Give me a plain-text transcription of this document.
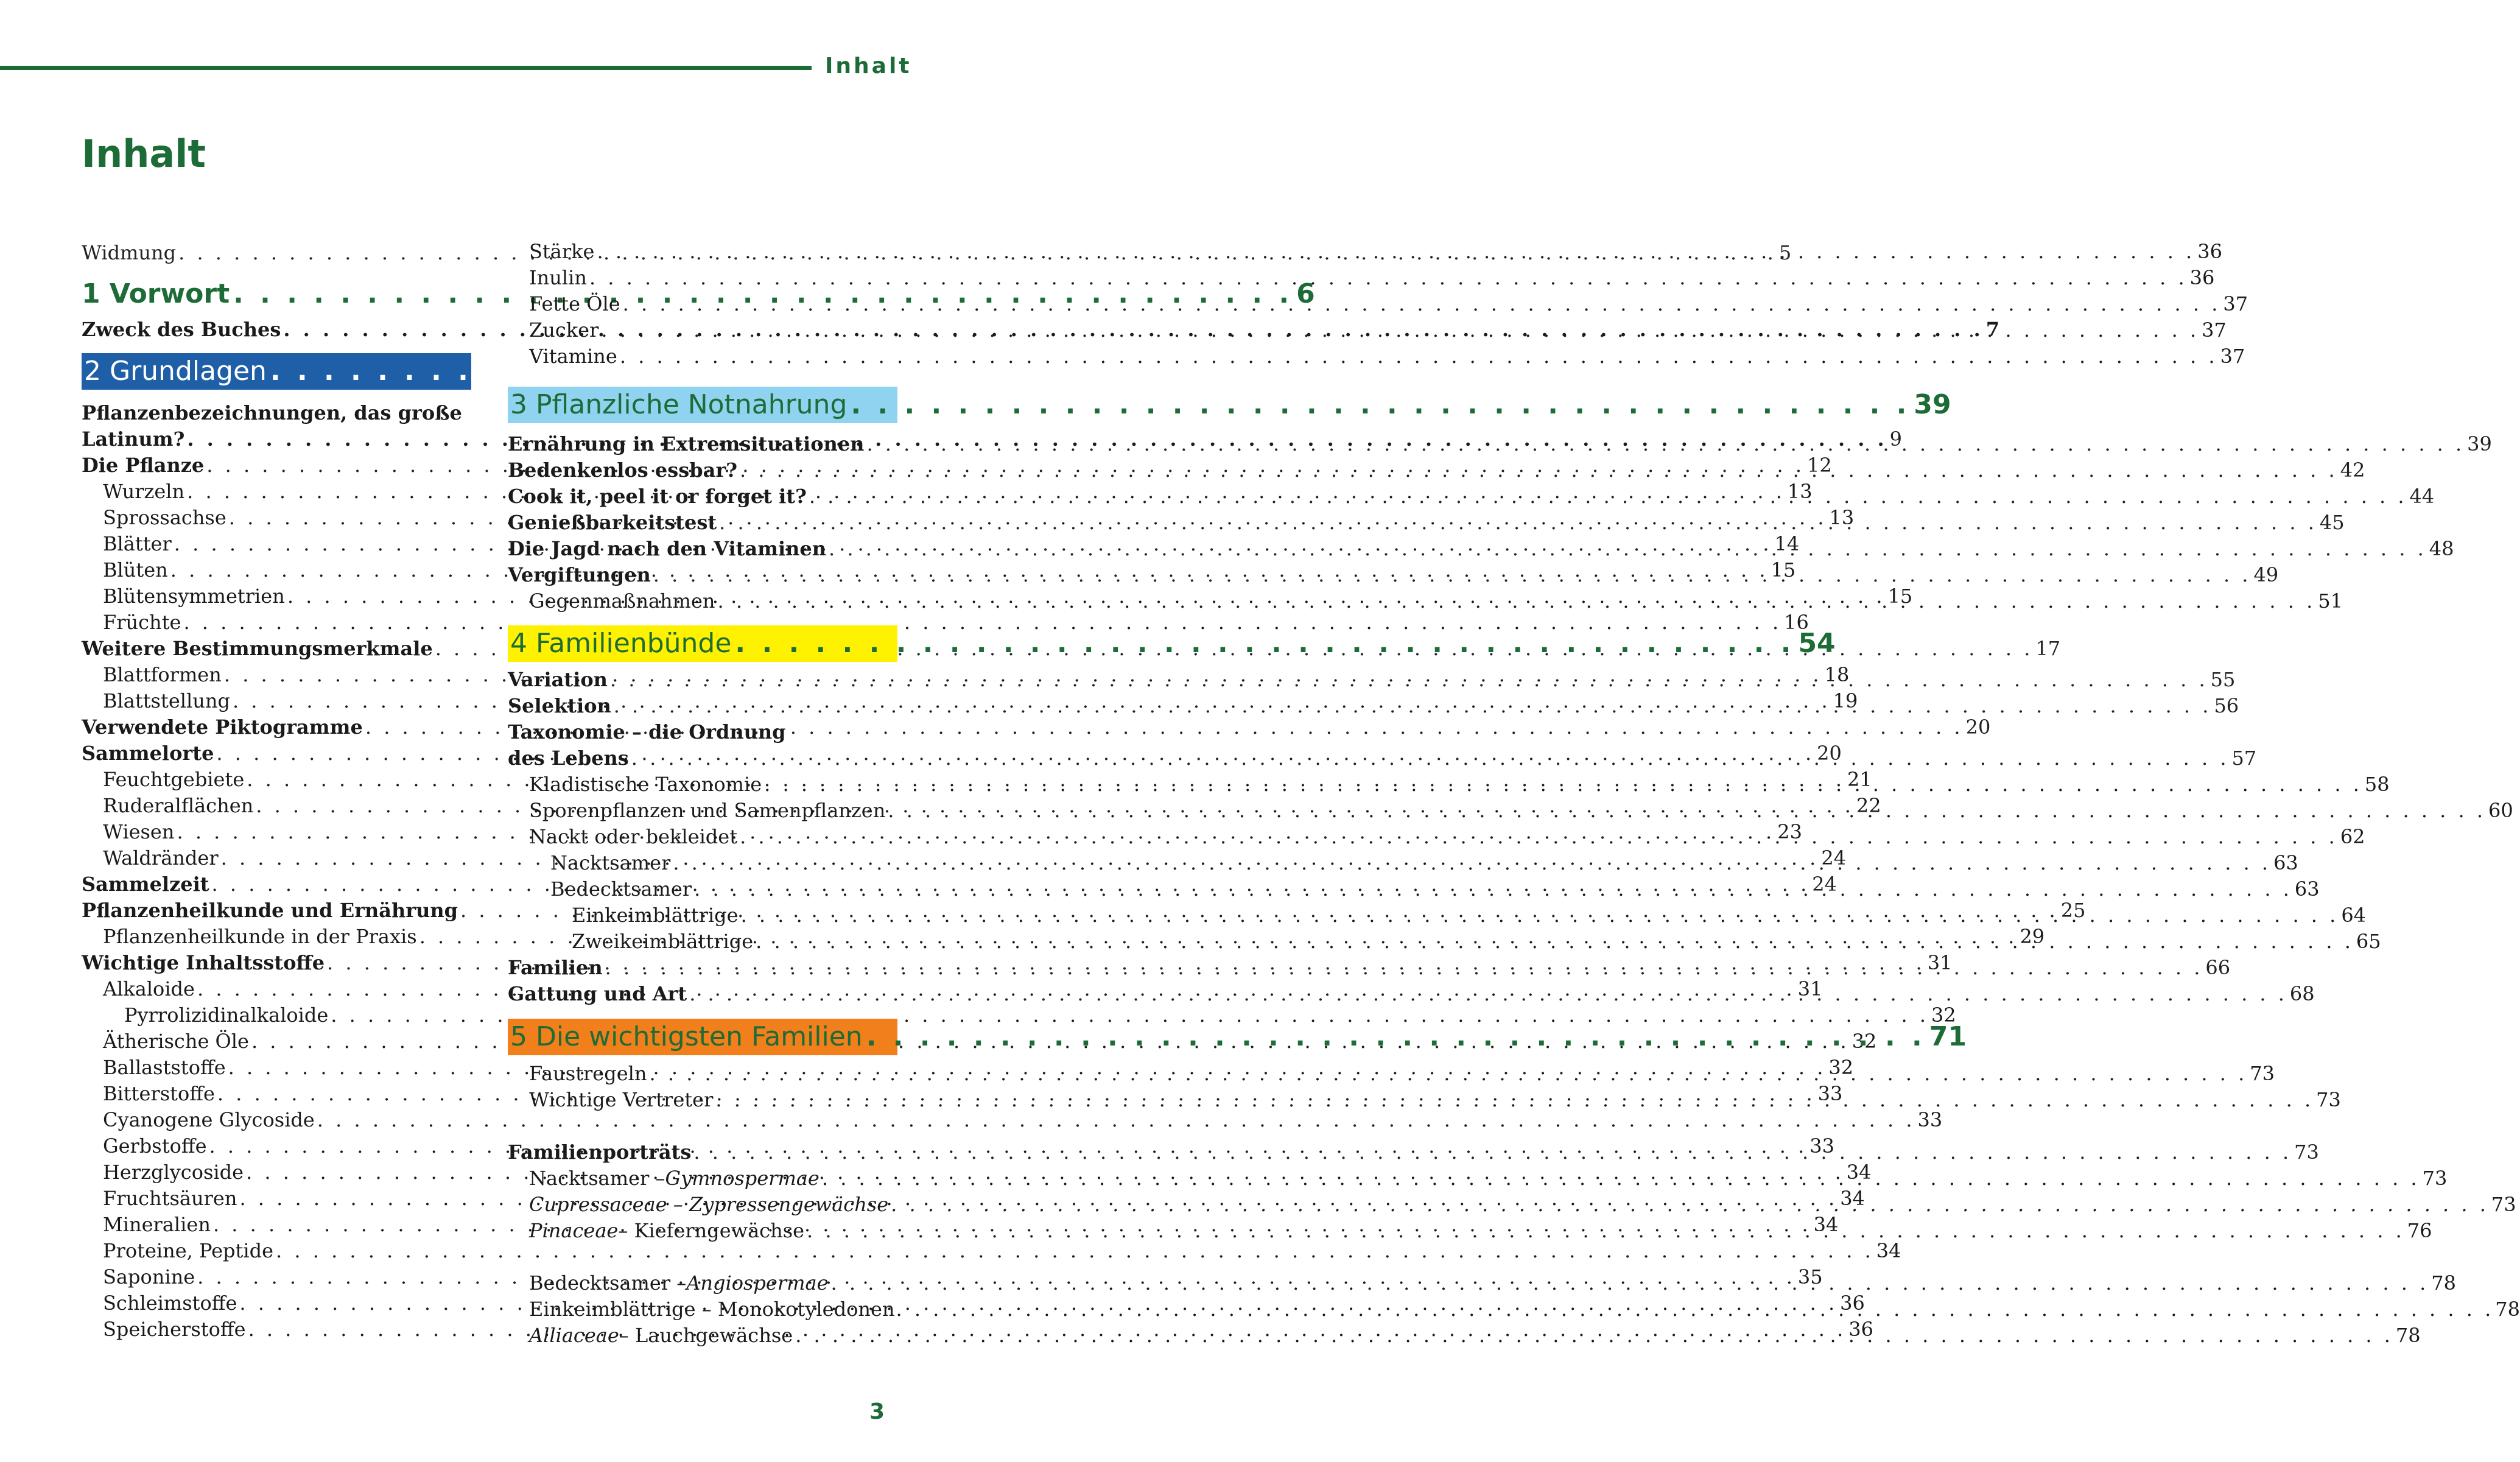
Inhalt
Inhalt
Widmung . . .	5
1 Vorwort . . .	6
Zweck des Buches . . .	7
2 Grundlagen . . .	9
Pflanzenbezeichnungen, das große
Latinum? . . .	9
Die Pflanze . . .	12
Wurzeln . . .	13
Sprossachse . . .	13
Blätter . . .	14
Blüten . . .	15
Blütensymmetrien . . .	15
Früchte . . .	16
Weitere Bestimmungsmerkmale . . .	17
Blattformen . . .	18
Blattstellung . . .	19
Verwendete Piktogramme . . .	20
Sammelorte . . .	20
Feuchtgebiete . . .	21
Ruderalflächen . . .	22
Wiesen . . .	23
Waldränder . . .	24
Sammelzeit . . .	24
Pflanzenheilkunde und Ernährung . . .	25
Pflanzenheilkunde in der Praxis . . .	29
Wichtige Inhaltsstoffe . . .	31
Alkaloide . . .	31
Pyrrolizidinalkaloide . . .	32
Ätherische Öle . . .	32
Ballaststoffe . . .	32
Bitterstoffe . . .	33
Cyanogene Glycoside . . .	33
Gerbstoffe . . .	33
Herzglycoside . . .	34
Fruchtsäuren . . .	34
Mineralien . . .	34
Proteine, Peptide . . .	34
Saponine . . .	35
Schleimstoffe . . .	36
Speicherstoffe . . .	36
Stärke . . .	36
Inulin . . .	36
Fette Öle . . .	37
Zucker . . .	37
Vitamine . . .	37
3 Pflanzliche Notnahrung . . .	39
Ernährung in Extremsituationen . . .	39
Bedenkenlos essbar? . . .	42
Cook it, peel it or forget it? . . .	44
Genießbarkeitstest . . .	45
Die Jagd nach den Vitaminen . . .	48
Vergiftungen . . .	49
Gegenmaßnahmen . . .	51
4 Familienbünde . . .	54
Variation . . .	55
Selektion . . .	56
Taxonomie – die Ordnung
des Lebens . . .	57
Kladistische Taxonomie . . .	58
Sporenpflanzen und Samenpflanzen . . .	60
Nackt oder bekleidet . . .	62
Nacktsamer . . .	63
Bedecktsamer . . .	63
Einkeimblättrige . . .	64
Zweikeimblättrige . . .	65
Familien . . .	66
Gattung und Art . . .	68
5 Die wichtigsten Familien . . .	71
Faustregeln . . .	73
Wichtige Vertreter . . .	73
Familienporträts . . .	73
Nacktsamer – Gymnospermae . . .	73
Cupressaceae – Zypressengewächse . . .	73
Pinaceae – Kieferngewächse . . .	76
Bedecktsamer – Angiospermae . . .	78
Einkeimblättrige – Monokotyledonen . . .	78
Alliaceae – Lauchgewächse . . .	78
3
